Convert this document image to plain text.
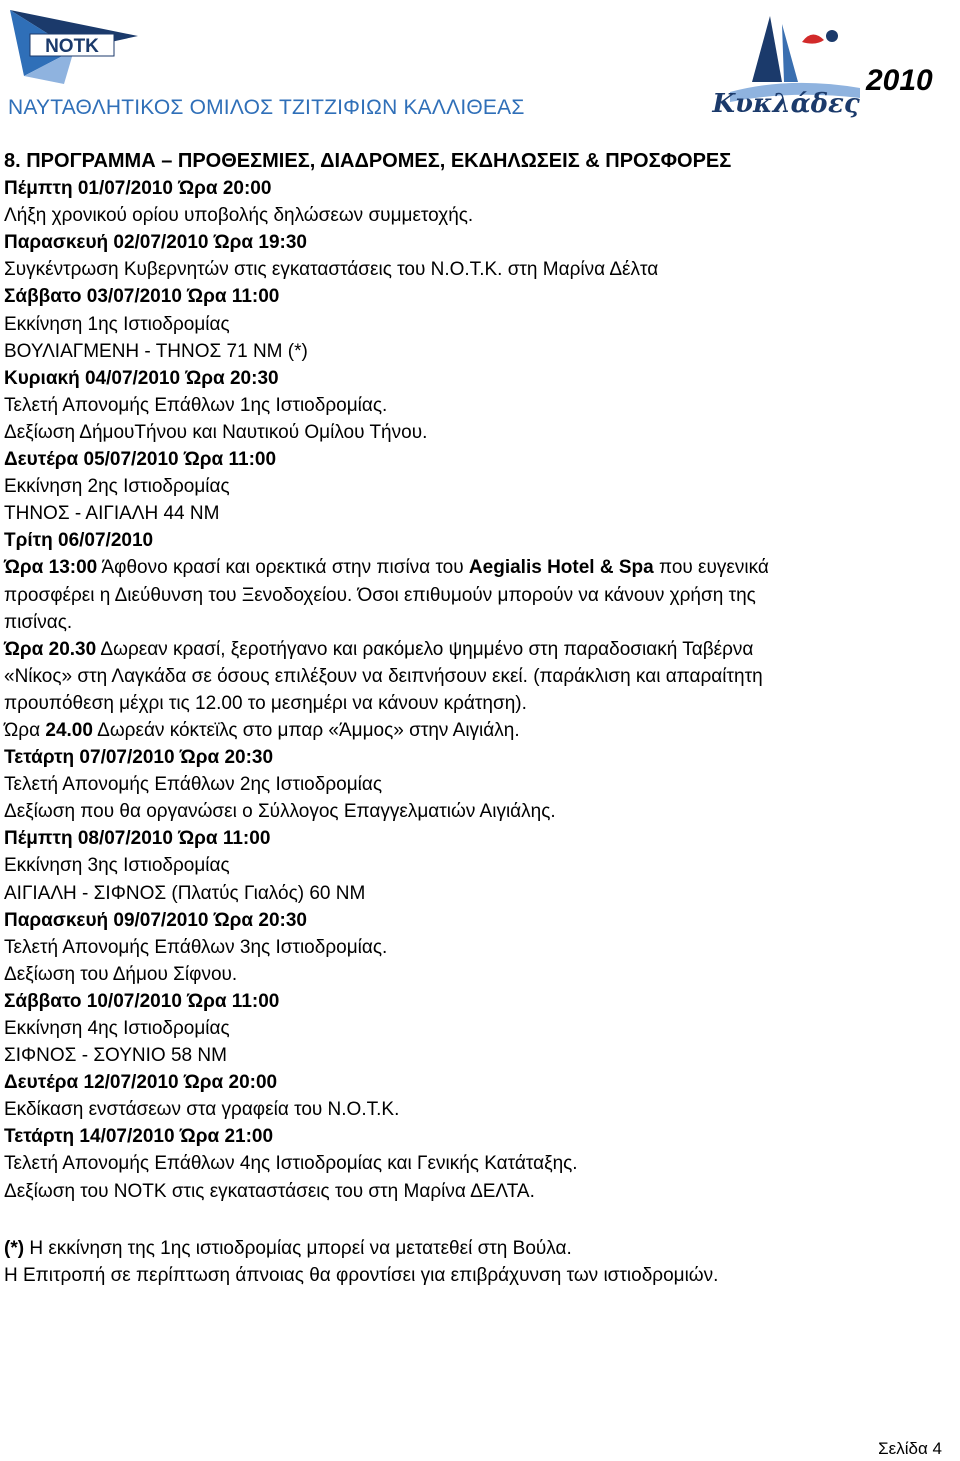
NOTK
ΝΑΥΤΑΘΛΗΤΙΚΟΣ ΟΜΙΛΟΣ ΤΖΙΤΖΙΦΙΩΝ ΚΑΛΛΙΘΕΑΣ	Κυκλάδες
2010
8. ΠΡΟΓΡΑΜΜΑ – ΠΡΟΘΕΣΜΙΕΣ, ΔΙΑΔΡΟΜΕΣ, ΕΚΔΗΛΩΣΕΙΣ & ΠΡΟΣΦΟΡΕΣ
Πέμπτη 01/07/2010 Ώρα 20:00
Λήξη χρονικού ορίου υποβολής δηλώσεων συμμετοχής.
Παρασκευή 02/07/2010 Ώρα 19:30
Συγκέντρωση Κυβερνητών στις εγκαταστάσεις του Ν.Ο.Τ.Κ. στη Μαρίνα Δέλτα
Σάββατο 03/07/2010 Ώρα 11:00
Εκκίνηση 1ης Ιστιοδρομίας
ΒΟΥΛΙΑΓΜΕΝΗ - ΤΗΝΟΣ 71 ΝΜ (*)
Κυριακή 04/07/2010 Ώρα 20:30
Τελετή Απονομής Επάθλων 1ης Ιστιοδρομίας.
Δεξίωση ΔήμουΤήνου και Ναυτικού Ομίλου Τήνου.
Δευτέρα 05/07/2010 Ώρα 11:00
Εκκίνηση 2ης Ιστιοδρομίας
ΤΗΝΟΣ - ΑΙΓΙΑΛΗ 44 ΝΜ
Τρίτη 06/07/2010
Ώρα 13:00 Άφθονο κρασί και ορεκτικά στην πισίνα του Aegialis Hotel & Spa που ευγενικά
προσφέρει η Διεύθυνση του Ξενοδοχείου. Όσοι επιθυμούν μπορούν να κάνουν χρήση της
πισίνας.
Ώρα 20.30 Δωρεαν κρασί, ξεροτήγανο και ρακόμελο ψημμένο στη παραδοσιακή Ταβέρνα
«Νίκος» στη Λαγκάδα σε όσους επιλέξουν να δειπνήσουν εκεί. (παράκλιση και απαραίτητη
προυπόθεση μέχρι τις 12.00 το μεσημέρι να κάνουν κράτηση).
Ώρα 24.00 Δωρεάν κόκτεϊλς στο μπαρ «Άμμος» στην Αιγιάλη.
Τετάρτη 07/07/2010 Ώρα 20:30
Τελετή Απονομής Επάθλων 2ης Ιστιοδρομίας
Δεξίωση που θα οργανώσει ο Σύλλογος Επαγγελματιών Αιγιάλης.
Πέμπτη 08/07/2010 Ώρα 11:00
Εκκίνηση 3ης Ιστιοδρομίας
ΑΙΓΙΑΛΗ - ΣΙΦΝΟΣ (Πλατύς Γιαλός) 60 ΝΜ
Παρασκευή 09/07/2010 Ώρα 20:30
Τελετή Απονομής Επάθλων 3ης Ιστιοδρομίας.
Δεξίωση του Δήμου Σίφνου.
Σάββατο 10/07/2010 Ώρα 11:00
Εκκίνηση 4ης Ιστιοδρομίας
ΣΙΦΝΟΣ - ΣΟΥΝΙΟ 58 ΝΜ
Δευτέρα 12/07/2010 Ώρα 20:00
Εκδίκαση ενστάσεων στα γραφεία του Ν.Ο.Τ.Κ.
Τετάρτη 14/07/2010 Ώρα 21:00
Τελετή Απονομής Επάθλων 4ης Ιστιοδρομίας και Γενικής Κατάταξης.
Δεξίωση του ΝΟΤΚ στις εγκαταστάσεις του στη Μαρίνα ΔΕΛΤΑ.
(*) Η εκκίνηση της 1ης ιστιοδρομίας μπορεί να μετατεθεί στη Βούλα.
Η Επιτροπή σε περίπτωση άπνοιας θα φροντίσει για επιβράχυνση των ιστιοδρομιών.
Σελίδα 4
